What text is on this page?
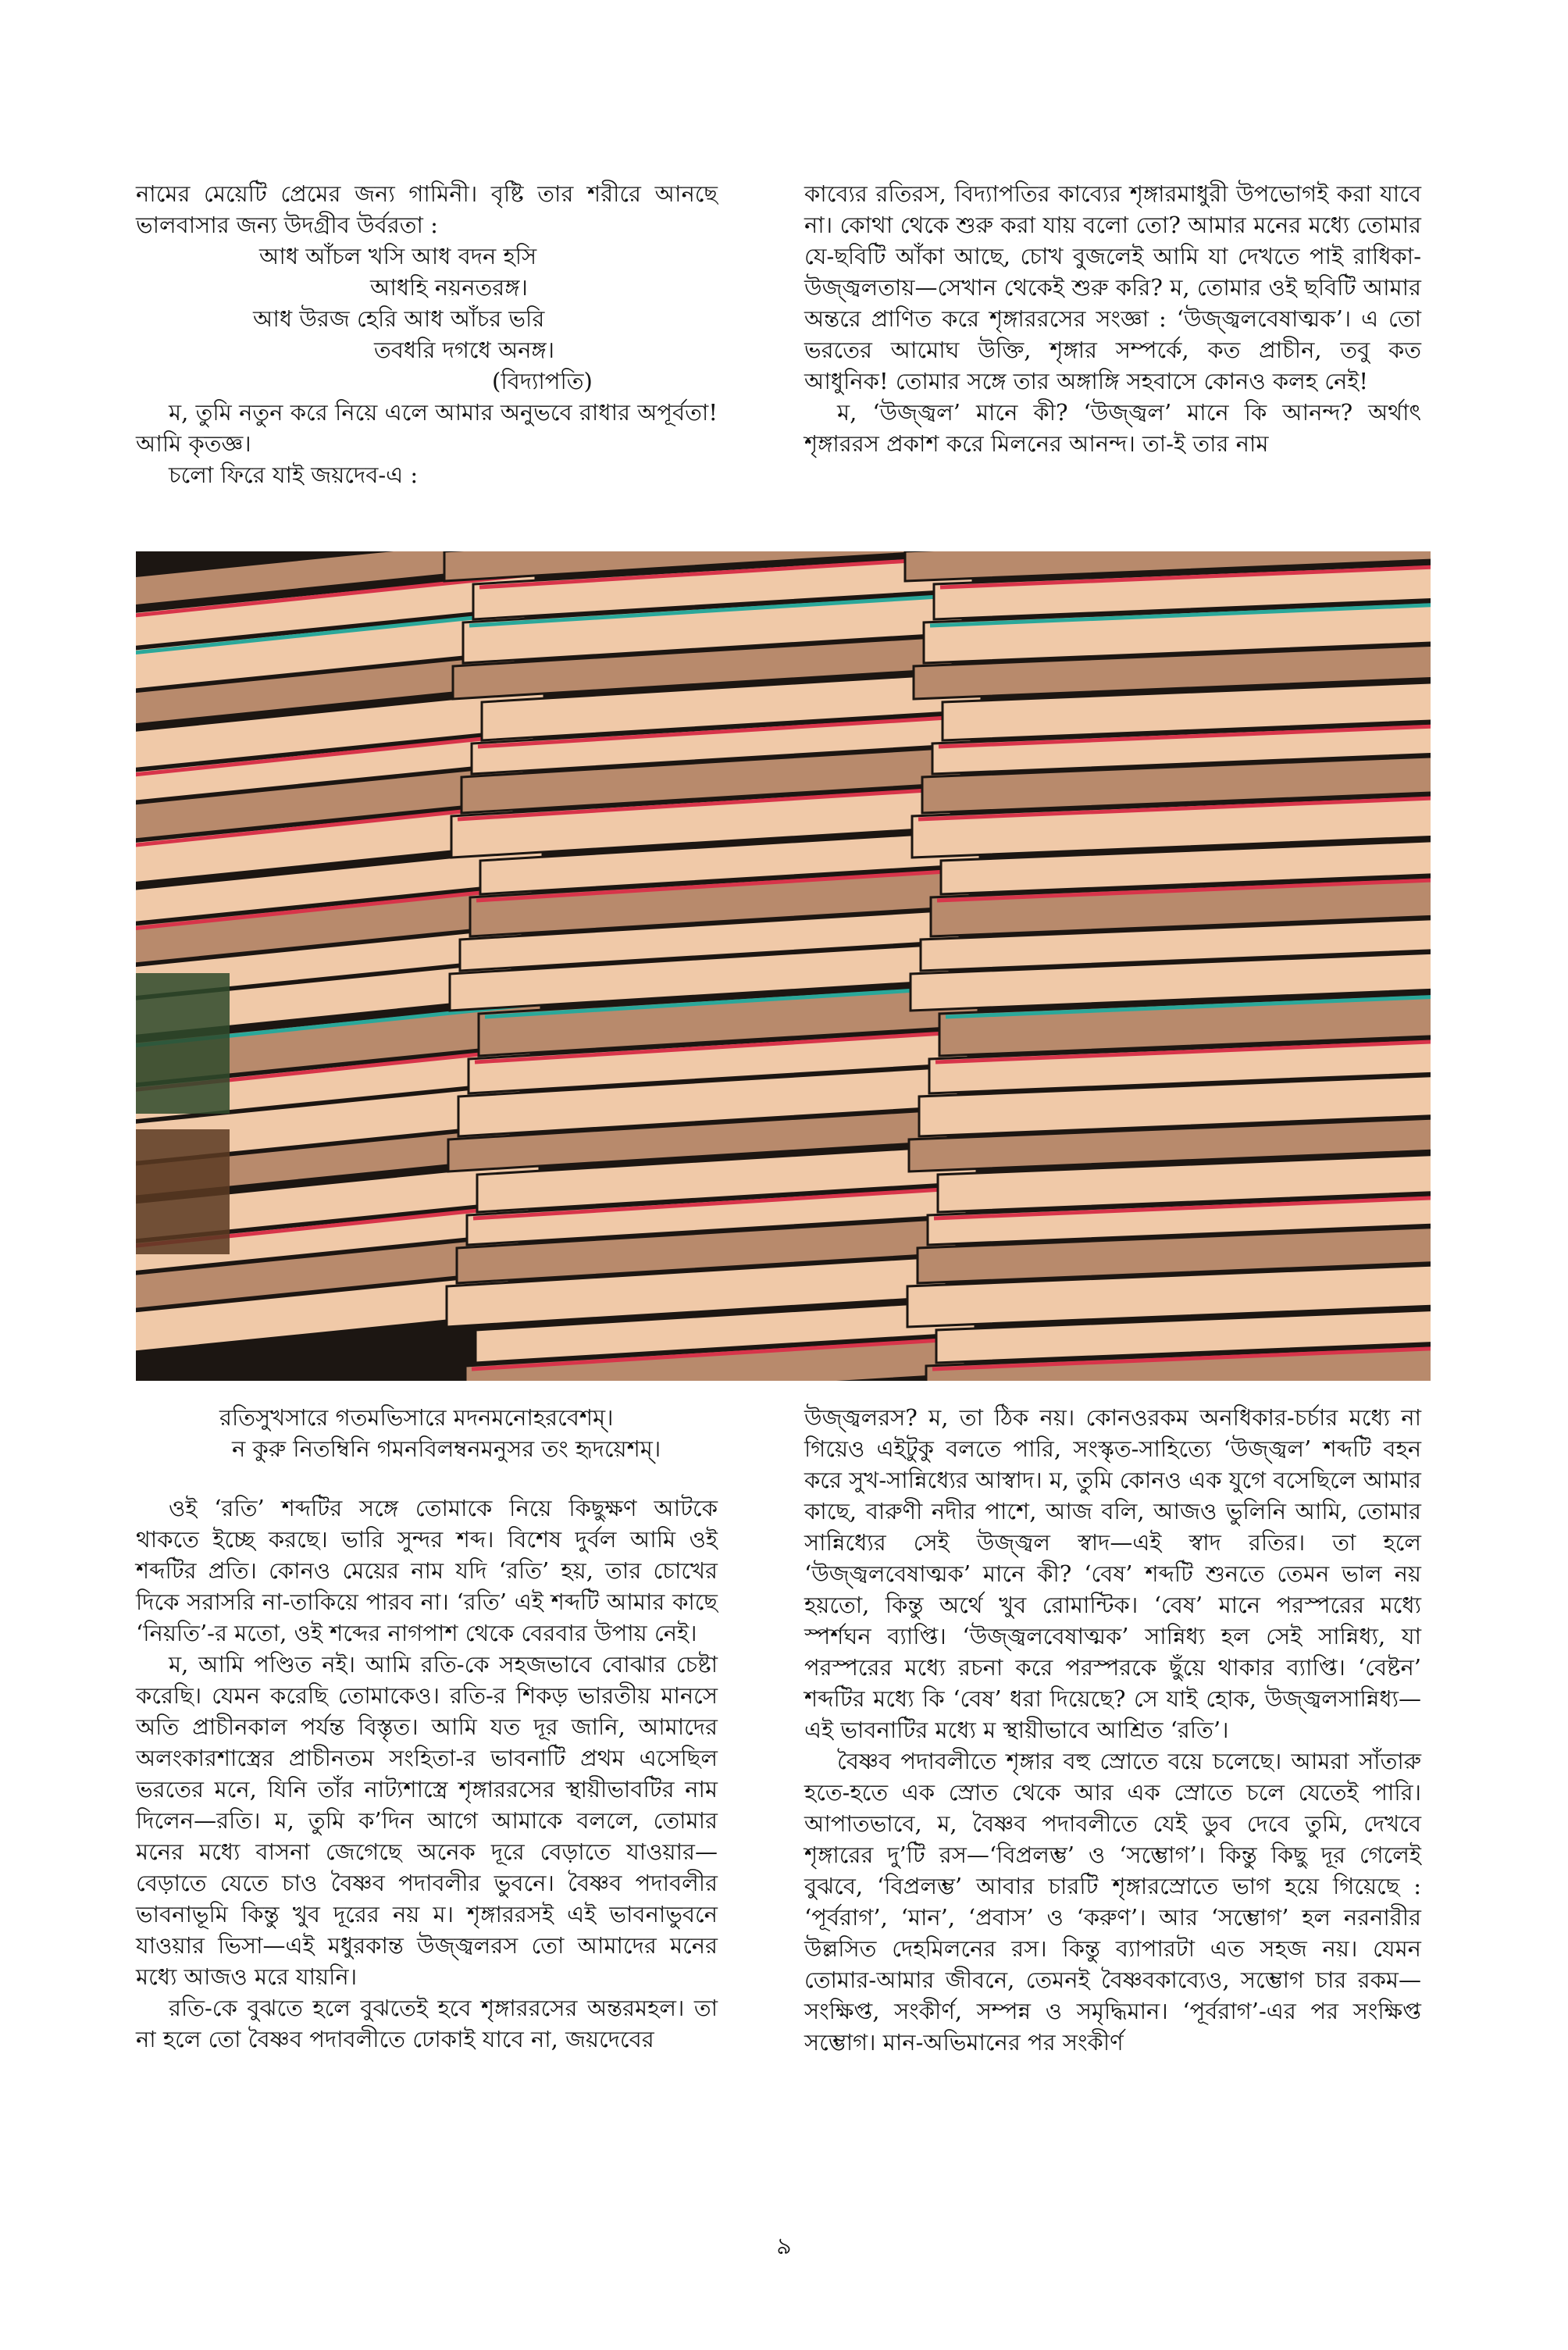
নামের মেয়েটি প্রেমের জন্য গামিনী। বৃষ্টি তার শরীরে আনছে ভালবাসার জন্য উদগ্রীব উর্বরতা :

আধ আঁচল খসি আধ বদন হসি
আধহি নয়নতরঙ্গ।
আধ উরজ হেরি আধ আঁচর ভরি
তবধরি দগধে অনঙ্গ।
(বিদ্যাপতি)

ম, তুমি নতুন করে নিয়ে এলে আমার অনুভবে রাধার অপূর্বতা! আমি কৃতজ্ঞ।

চলো ফিরে যাই জয়দেব-এ :

কাব্যের রতিরস, বিদ্যাপতির কাব্যের শৃঙ্গারমাধুরী উপভোগই করা যাবে না। কোথা থেকে শুরু করা যায় বলো তো? আমার মনের মধ্যে তোমার যে-ছবিটি আঁকা আছে, চোখ বুজলেই আমি যা দেখতে পাই রাধিকা-উজ্জ্বলতায়—সেখান থেকেই শুরু করি? ম, তোমার ওই ছবিটি আমার অন্তরে প্রাণিত করে শৃঙ্গাররসের সংজ্ঞা : ‘উজ্জ্বলবেষাত্মক’। এ তো ভরতের আমোঘ উক্তি, শৃঙ্গার সম্পর্কে, কত প্রাচীন, তবু কত আধুনিক! তোমার সঙ্গে তার অঙ্গাঙ্গি সহবাসে কোনও কলহ নেই!

ম, ‘উজ্জ্বল’ মানে কী? ‘উজ্জ্বল’ মানে কি আনন্দ? অর্থাৎ শৃঙ্গাররস প্রকাশ করে মিলনের আনন্দ। তা-ই তার নাম

রতিসুখসারে গতমভিসারে মদনমনোহরবেশম্।
ন কুরু নিতম্বিনি গমনবিলম্বনমনুসর তং হৃদয়েশম্।

ওই ‘রতি’ শব্দটির সঙ্গে তোমাকে নিয়ে কিছুক্ষণ আটকে থাকতে ইচ্ছে করছে। ভারি সুন্দর শব্দ। বিশেষ দুর্বল আমি ওই শব্দটির প্রতি। কোনও মেয়ের নাম যদি ‘রতি’ হয়, তার চোখের দিকে সরাসরি না-তাকিয়ে পারব না। ‘রতি’ এই শব্দটি আমার কাছে ‘নিয়তি’-র মতো, ওই শব্দের নাগপাশ থেকে বেরবার উপায় নেই।

ম, আমি পণ্ডিত নই। আমি রতি-কে সহজভাবে বোঝার চেষ্টা করেছি। যেমন করেছি তোমাকেও। রতি-র শিকড় ভারতীয় মানসে অতি প্রাচীনকাল পর্যন্ত বিস্তৃত। আমি যত দূর জানি, আমাদের অলংকারশাস্ত্রের প্রাচীনতম সংহিতা-র ভাবনাটি প্রথম এসেছিল ভরতের মনে, যিনি তাঁর নাট্যশাস্ত্রে শৃঙ্গাররসের স্থায়ীভাবটির নাম দিলেন—রতি। ম, তুমি ক’দিন আগে আমাকে বললে, তোমার মনের মধ্যে বাসনা জেগেছে অনেক দূরে বেড়াতে যাওয়ার—বেড়াতে যেতে চাও বৈষ্ণব পদাবলীর ভুবনে। বৈষ্ণব পদাবলীর ভাবনাভূমি কিন্তু খুব দূরের নয় ম। শৃঙ্গাররসই এই ভাবনাভুবনে যাওয়ার ভিসা—এই মধুরকান্ত উজ্জ্বলরস তো আমাদের মনের মধ্যে আজও মরে যায়নি।

রতি-কে বুঝতে হলে বুঝতেই হবে শৃঙ্গাররসের অন্তরমহল। তা না হলে তো বৈষ্ণব পদাবলীতে ঢোকাই যাবে না, জয়দেবের

উজ্জ্বলরস? ম, তা ঠিক নয়। কোনওরকম অনধিকার-চর্চার মধ্যে না গিয়েও এইটুকু বলতে পারি, সংস্কৃত-সাহিত্যে ‘উজ্জ্বল’ শব্দটি বহন করে সুখ-সান্নিধ্যের আস্বাদ। ম, তুমি কোনও এক যুগে বসেছিলে আমার কাছে, বারুণী নদীর পাশে, আজ বলি, আজও ভুলিনি আমি, তোমার সান্নিধ্যের সেই উজ্জ্বল স্বাদ—এই স্বাদ রতির। তা হলে ‘উজ্জ্বলবেষাত্মক’ মানে কী? ‘বেষ’ শব্দটি শুনতে তেমন ভাল নয় হয়তো, কিন্তু অর্থে খুব রোমান্টিক। ‘বেষ’ মানে পরস্পরের মধ্যে স্পর্শঘন ব্যাপ্তি। ‘উজ্জ্বলবেষাত্মক’ সান্নিধ্য হল সেই সান্নিধ্য, যা পরস্পরের মধ্যে রচনা করে পরস্পরকে ছুঁয়ে থাকার ব্যাপ্তি। ‘বেষ্টন’ শব্দটির মধ্যে কি ‘বেষ’ ধরা দিয়েছে? সে যাই হোক, উজ্জ্বলসান্নিধ্য—এই ভাবনাটির মধ্যে ম স্থায়ীভাবে আশ্রিত ‘রতি’।

বৈষ্ণব পদাবলীতে শৃঙ্গার বহু স্রোতে বয়ে চলেছে। আমরা সাঁতারু হতে-হতে এক স্রোত থেকে আর এক স্রোতে চলে যেতেই পারি। আপাতভাবে, ম, বৈষ্ণব পদাবলীতে যেই ডুব দেবে তুমি, দেখবে শৃঙ্গারের দু’টি রস—‘বিপ্রলম্ভ’ ও ‘সম্ভোগ’। কিন্তু কিছু দূর গেলেই বুঝবে, ‘বিপ্রলম্ভ’ আবার চারটি শৃঙ্গারস্রোতে ভাগ হয়ে গিয়েছে : ‘পূর্বরাগ’, ‘মান’, ‘প্রবাস’ ও ‘করুণ’। আর ‘সম্ভোগ’ হল নরনারীর উল্লসিত দেহমিলনের রস। কিন্তু ব্যাপারটা এত সহজ নয়। যেমন তোমার-আমার জীবনে, তেমনই বৈষ্ণবকাব্যেও, সম্ভোগ চার রকম—সংক্ষিপ্ত, সংকীর্ণ, সম্পন্ন ও সমৃদ্ধিমান। ‘পূর্বরাগ’-এর পর সংক্ষিপ্ত সম্ভোগ। মান-অভিমানের পর সংকীর্ণ

৯
